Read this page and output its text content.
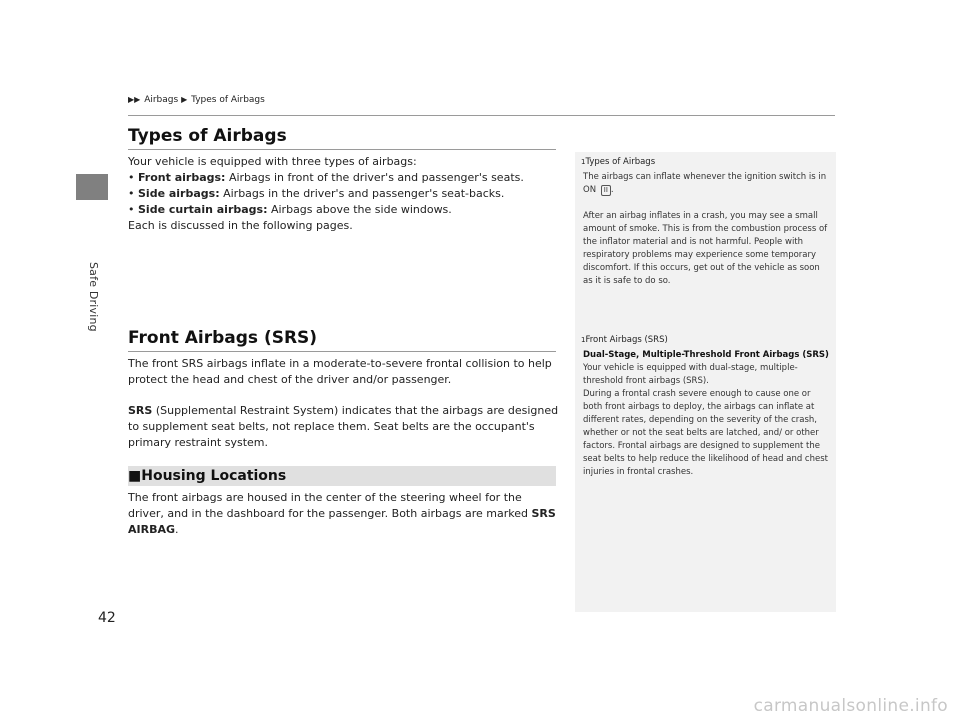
Safe Driving
▶▶ Airbags ▶ Types of Airbags
Types of Airbags

Your vehicle is equipped with three types of airbags:

• Front airbags: Airbags in front of the driver's and passenger's seats.

• Side airbags: Airbags in the driver's and passenger's seat-backs.

• Side curtain airbags: Airbags above the side windows.

Each is discussed in the following pages.

Front Airbags (SRS)

The front SRS airbags inflate in a moderate-to-severe frontal collision to help protect the head and chest of the driver and/or passenger.

SRS (Supplemental Restraint System) indicates that the airbags are designed to supplement seat belts, not replace them. Seat belts are the occupant's primary restraint system.

■Housing Locations

The front airbags are housed in the center of the steering wheel for the driver, and in the dashboard for the passenger. Both airbags are marked SRS AIRBAG.

1Types of Airbags

The airbags can inflate whenever the ignition switch is in ON II .

After an airbag inflates in a crash, you may see a small amount of smoke. This is from the combustion process of the inflator material and is not harmful. People with respiratory problems may experience some temporary discomfort. If this occurs, get out of the vehicle as soon as it is safe to do so.

1Front Airbags (SRS)

Dual-Stage, Multiple-Threshold Front Airbags (SRS)

Your vehicle is equipped with dual-stage, multiple-threshold front airbags (SRS).

During a frontal crash severe enough to cause one or both front airbags to deploy, the airbags can inflate at different rates, depending on the severity of the crash, whether or not the seat belts are latched, and/ or other factors. Frontal airbags are designed to supplement the seat belts to help reduce the likelihood of head and chest injuries in frontal crashes.

42
carmanualsonline.info
